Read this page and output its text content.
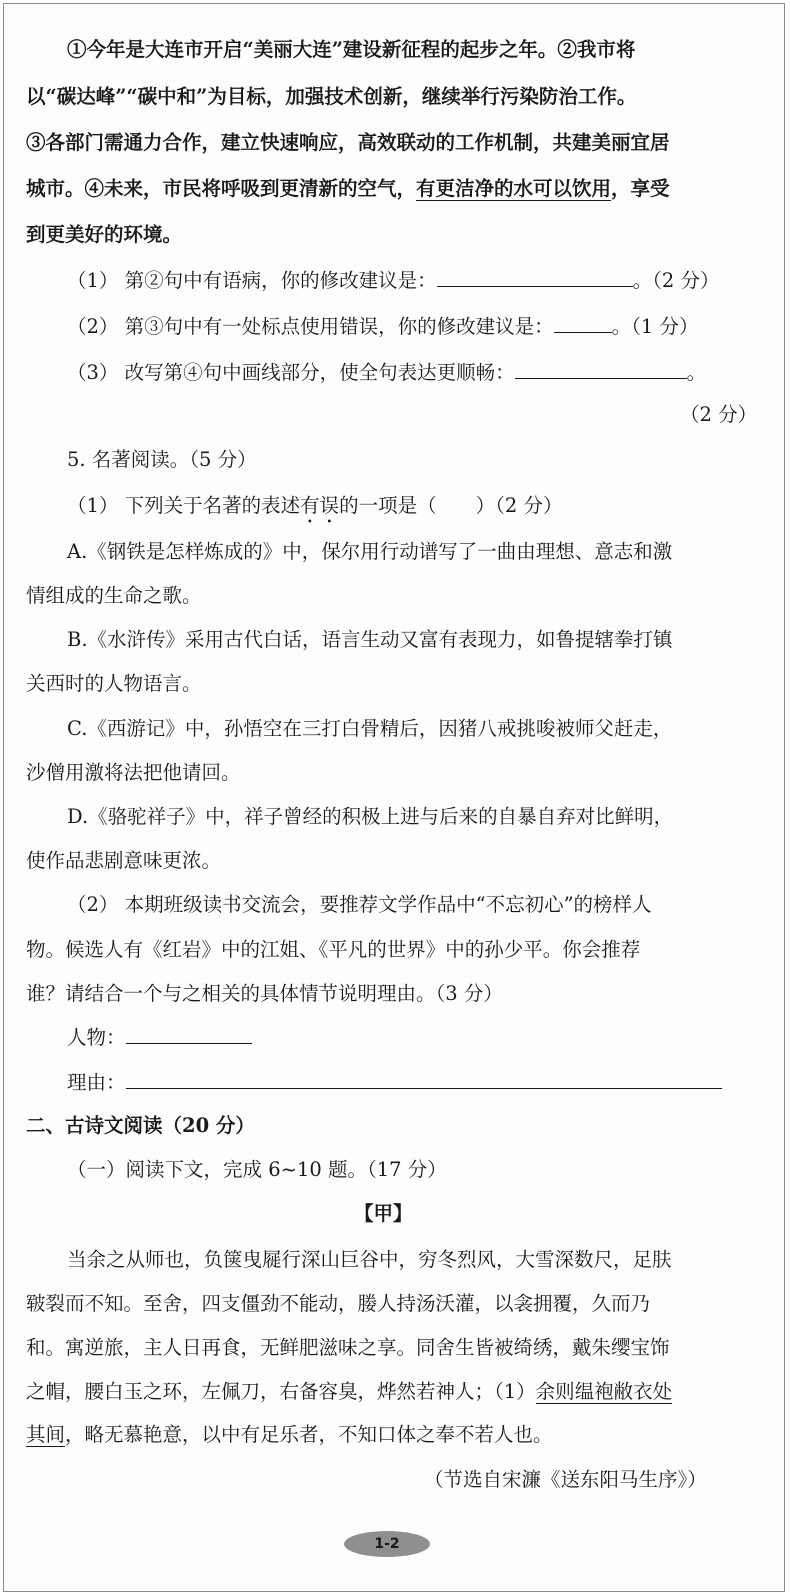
①今年是大连市开启“美丽大连”建设新征程的起步之年。②我市将
以“碳达峰”“碳中和”为目标，加强技术创新，继续举行污染防治工作。
③各部门需通力合作，建立快速响应，高效联动的工作机制，共建美丽宜居
城市。④未来，市民将呼吸到更清新的空气，有更洁净的水可以饮用，享受
到更美好的环境。
（1） 第②句中有语病，你的修改建议是：	。（2 分）
（2） 第③句中有一处标点使用错误，你的修改建议是：	。（1 分）
（3） 改写第④句中画线部分，使全句表达更顺畅：	。
（2 分）
5. 名著阅读。（5 分）
（1） 下列关于名著的表述有误的一项是（　　）（2 分）
A.《钢铁是怎样炼成的》中，保尔用行动谱写了一曲由理想、意志和激
情组成的生命之歌。
B.《水浒传》采用古代白话，语言生动又富有表现力，如鲁提辖拳打镇
关西时的人物语言。
C.《西游记》中，孙悟空在三打白骨精后，因猪八戒挑唆被师父赶走，
沙僧用激将法把他请回。
D.《骆驼祥子》中，祥子曾经的积极上进与后来的自暴自弃对比鲜明，
使作品悲剧意味更浓。
（2） 本期班级读书交流会，要推荐文学作品中“不忘初心”的榜样人
物。候选人有《红岩》中的江姐、《平凡的世界》中的孙少平。你会推荐
谁？请结合一个与之相关的具体情节说明理由。（3 分）
人物：
理由：
二、古诗文阅读（20 分）
（一）阅读下文，完成 6~10 题。（17 分）
【甲】
当余之从师也，负箧曳屣行深山巨谷中，穷冬烈风，大雪深数尺，足肤
皲裂而不知。至舍，四支僵劲不能动，媵人持汤沃灌，以衾拥覆，久而乃
和。寓逆旅，主人日再食，无鲜肥滋味之享。同舍生皆被绮绣，戴朱缨宝饰
之帽，腰白玉之环，左佩刀，右备容臭，烨然若神人；（1）余则缊袍敝衣处
其间，略无慕艳意，以中有足乐者，不知口体之奉不若人也。
（节选自宋濂《送东阳马生序》）
1-2
